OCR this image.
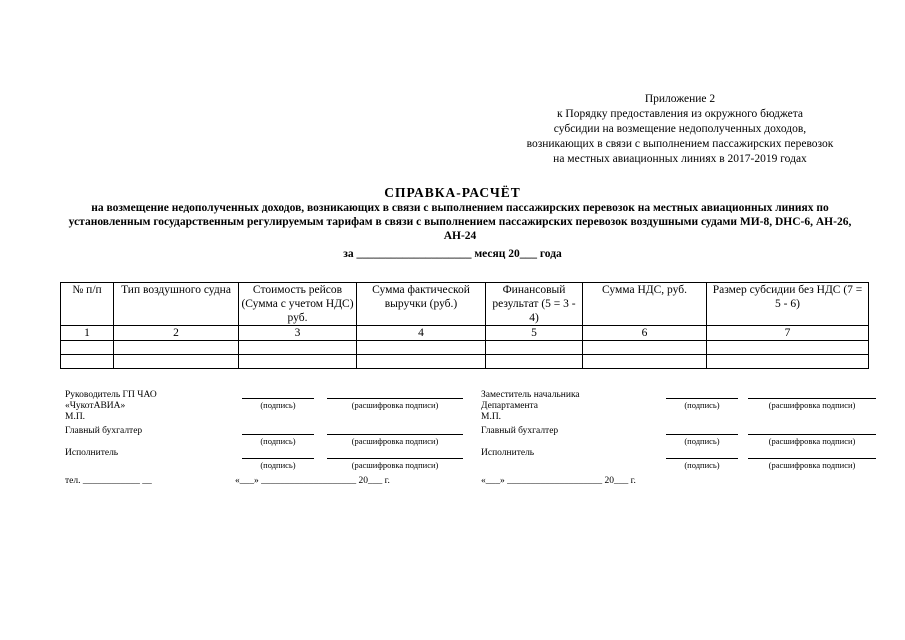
Приложение 2
к Порядку предоставления из окружного бюджета
субсидии на возмещение недополученных доходов,
возникающих в связи с выполнением пассажирских перевозок
на местных авиационных линиях в 2017-2019 годах
СПРАВКА-РАСЧЁТ
на возмещение недополученных доходов, возникающих в связи с выполнением пассажирских перевозок на местных авиационных линиях по установленным государственным регулируемым тарифам в связи с выполнением пассажирских перевозок воздушными судами МИ-8, DHC-6, АН-26, АН-24
за ____________________ месяц 20___ года
№ п/п	Тип воздушного судна	Стоимость рейсов (Сумма с учетом НДС) руб.	Сумма фактической выручки (руб.)	Финансовый результат (5 = 3 - 4)	Сумма НДС, руб.	Размер субсидии без НДС (7 = 5 - 6)
1	2	3	4	5	6	7

Руководитель ГП ЧАО
«ЧукотАВИА»
М.П.
Главный бухгалтер
Исполнитель
тел. ____________ __
(подпись)	(расшифровка подписи)
(подпись)	(расшифровка подписи)
(подпись)	(расшифровка подписи)
«___» ____________________ 20___ г.
Заместитель начальника
Департамента
М.П.
Главный бухгалтер
Исполнитель
(подпись)	(расшифровка подписи)
(подпись)	(расшифровка подписи)
(подпись)	(расшифровка подписи)
«___» ____________________ 20___ г.
